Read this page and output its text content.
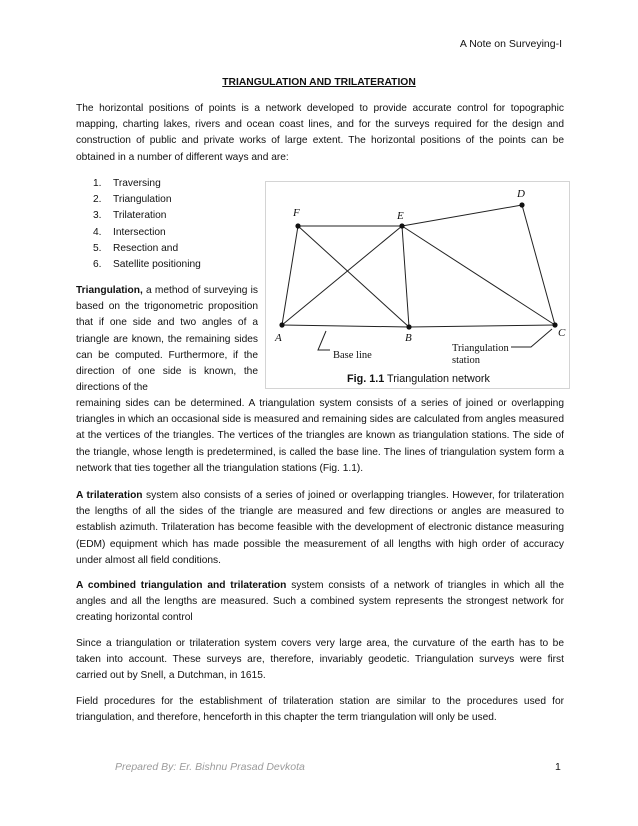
A Note on Surveying-I
TRIANGULATION AND TRILATERATION

The horizontal positions of points is a network developed to provide accurate control for topographic mapping, charting lakes, rivers and ocean coast lines, and for the surveys required for the design and construction of public and private works of large extent. The horizontal positions of the points can be obtained in a number of different ways and are:

1.	Traversing
2.	Triangulation
3.	Trilateration
4.	Intersection
5.	Resection and
6.	Satellite positioning

Triangulation, a method of surveying is based on the trigonometric proposition that if one side and two angles of a triangle are known, the remaining sides can be computed. Furthermore, if the direction of one side is known, the directions of the

A	B	C
D
E
F
Base line
Triangulation
station
Fig. 1.1 Triangulation network

remaining sides can be determined. A triangulation system consists of a series of joined or overlapping triangles in which an occasional side is measured and remaining sides are calculated from angles measured at the vertices of the triangles. The vertices of the triangles are known as triangulation stations. The side of the triangle, whose length is predetermined, is called the base line. The lines of triangulation system form a network that ties together all the triangulation stations (Fig. 1.1).

A trilateration system also consists of a series of joined or overlapping triangles. However, for trilateration the lengths of all the sides of the triangle are measured and few directions or angles are measured to establish azimuth. Trilateration has become feasible with the development of electronic distance measuring (EDM) equipment which has made possible the measurement of all lengths with high order of accuracy under almost all field conditions.

A combined triangulation and trilateration system consists of a network of triangles in which all the angles and all the lengths are measured. Such a combined system represents the strongest network for creating horizontal control

Since a triangulation or trilateration system covers very large area, the curvature of the earth has to be taken into account. These surveys are, therefore, invariably geodetic. Triangulation surveys were first carried out by Snell, a Dutchman, in 1615.

Field procedures for the establishment of trilateration station are similar to the procedures used for triangulation, and therefore, henceforth in this chapter the term triangulation will only be used.

Prepared By: Er. Bishnu Prasad Devkota	1
